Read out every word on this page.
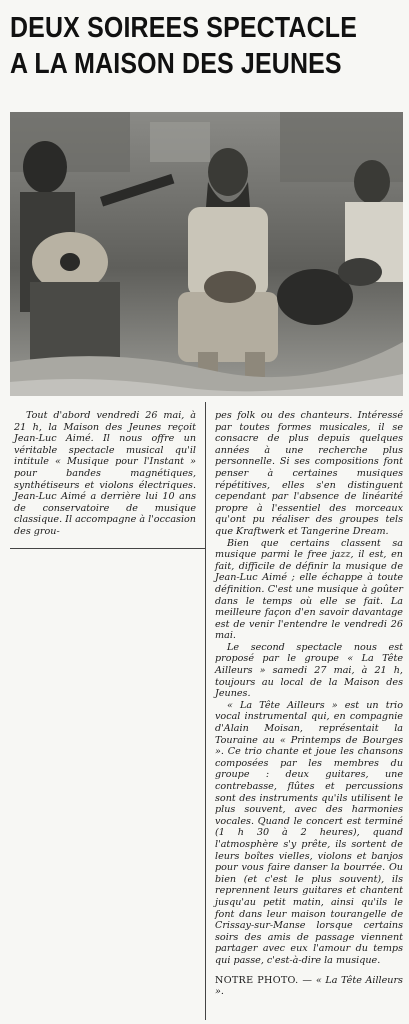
DEUX SOIREES SPECTACLE
A LA MAISON DES JEUNES

Tout d'abord vendredi 26 mai, à 21 h, la Maison des Jeunes reçoit Jean-Luc Aimé. Il nous offre un véritable spectacle musical qu'il intitule « Musique pour l'Instant » pour bandes magnétiques, synthétiseurs et violons électriques. Jean-Luc Aimé a derrière lui 10 ans de conservatoire de musique classique. Il accompagne à l'occasion des grou-

pes folk ou des chanteurs. Intéressé par toutes formes musicales, il se consacre de plus depuis quelques années à une recherche plus personnelle. Si ses compositions font penser à certaines musiques répétitives, elles s'en distinguent cependant par l'absence de linéarité propre à l'essentiel des morceaux qu'ont pu réaliser des groupes tels que Kraftwerk et Tangerine Dream.

Bien que certains classent sa musique parmi le free jazz, il est, en fait, difficile de définir la musique de Jean-Luc Aimé ; elle échappe à toute définition. C'est une musique à goûter dans le temps où elle se fait. La meilleure façon d'en savoir davantage est de venir l'entendre le vendredi 26 mai.

Le second spectacle nous est proposé par le groupe « La Tête Ailleurs » samedi 27 mai, à 21 h, toujours au local de la Maison des Jeunes.

« La Tête Ailleurs » est un trio vocal instrumental qui, en compagnie d'Alain Moisan, représentait la Touraine au « Printemps de Bourges ». Ce trio chante et joue les chansons composées par les membres du groupe : deux guitares, une contrebasse, flûtes et percussions sont des instruments qu'ils utilisent le plus souvent, avec des harmonies vocales. Quand le concert est terminé (1 h 30 à 2 heures), quand l'atmosphère s'y prête, ils sortent de leurs boîtes vielles, violons et banjos pour vous faire danser la bourrée. Ou bien (et c'est le plus souvent), ils reprennent leurs guitares et chantent jusqu'au petit matin, ainsi qu'ils le font dans leur maison tourangelle de Crissay-sur-Manse lorsque certains soirs des amis de passage viennent partager avec eux l'amour du temps qui passe, c'est-à-dire la musique.

NOTRE PHOTO. — « La Tête Ailleurs ».
